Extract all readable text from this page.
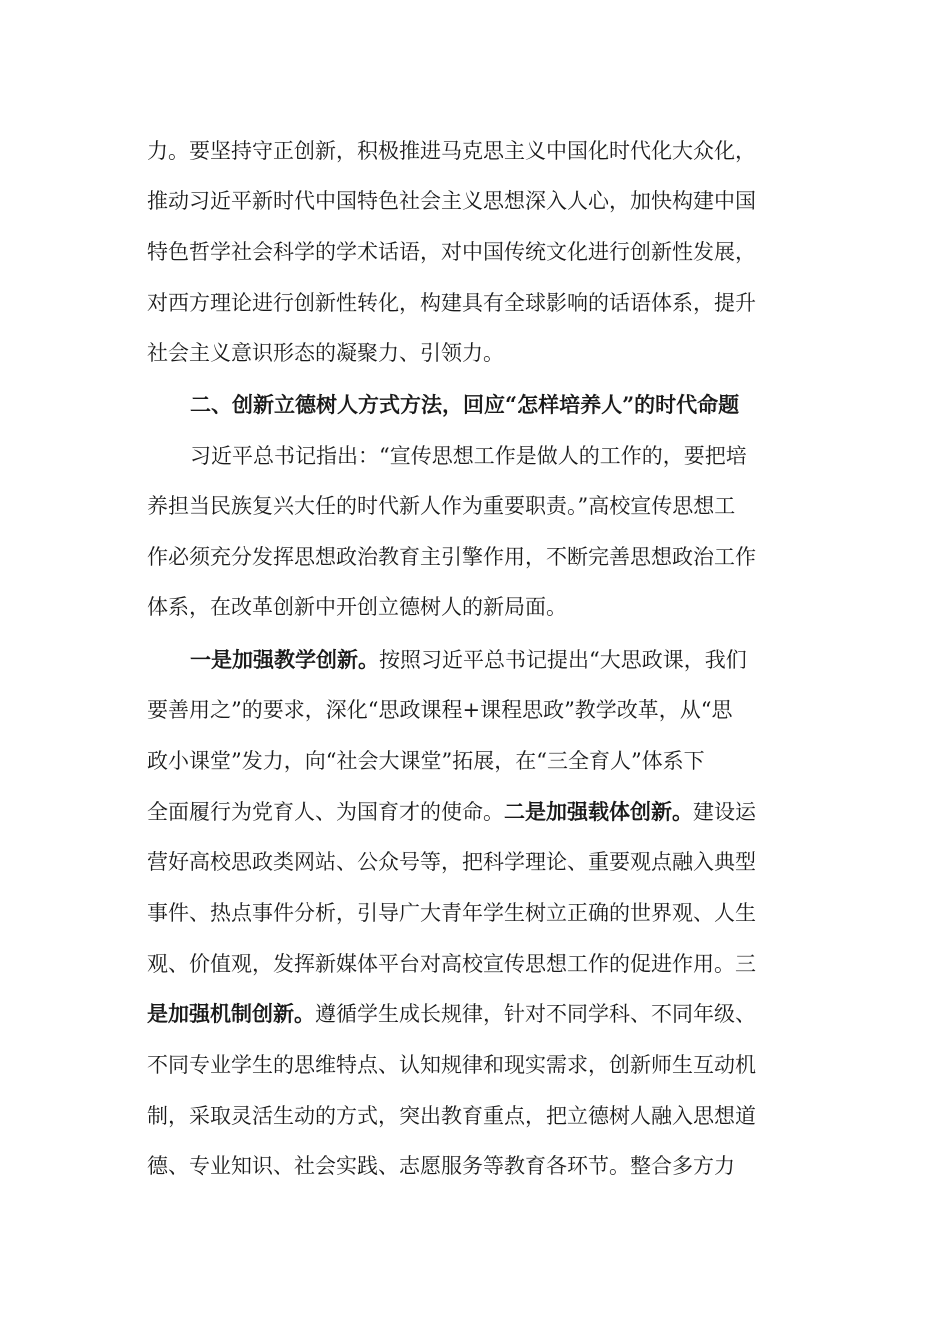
力。要坚持守正创新，积极推进马克思主义中国化时代化大众化，
推动习近平新时代中国特色社会主义思想深入人心，加快构建中国
特色哲学社会科学的学术话语，对中国传统文化进行创新性发展，
对西方理论进行创新性转化，构建具有全球影响的话语体系，提升
社会主义意识形态的凝聚力、引领力。
二、创新立德树人方式方法，回应“怎样培养人”的时代命题
习近平总书记指出：“宣传思想工作是做人的工作的，要把培
养担当民族复兴大任的时代新人作为重要职责。”高校宣传思想工
作必须充分发挥思想政治教育主引擎作用，不断完善思想政治工作
体系，在改革创新中开创立德树人的新局面。
一是加强教学创新。按照习近平总书记提出“大思政课，我们
要善用之”的要求，深化“思政课程+课程思政”教学改革，从“思
政小课堂”发力，向“社会大课堂”拓展，在“三全育人”体系下
全面履行为党育人、为国育才的使命。二是加强载体创新。建设运
营好高校思政类网站、公众号等，把科学理论、重要观点融入典型
事件、热点事件分析，引导广大青年学生树立正确的世界观、人生
观、价值观，发挥新媒体平台对高校宣传思想工作的促进作用。三
是加强机制创新。遵循学生成长规律，针对不同学科、不同年级、
不同专业学生的思维特点、认知规律和现实需求，创新师生互动机
制，采取灵活生动的方式，突出教育重点，把立德树人融入思想道
德、专业知识、社会实践、志愿服务等教育各环节。整合多方力
